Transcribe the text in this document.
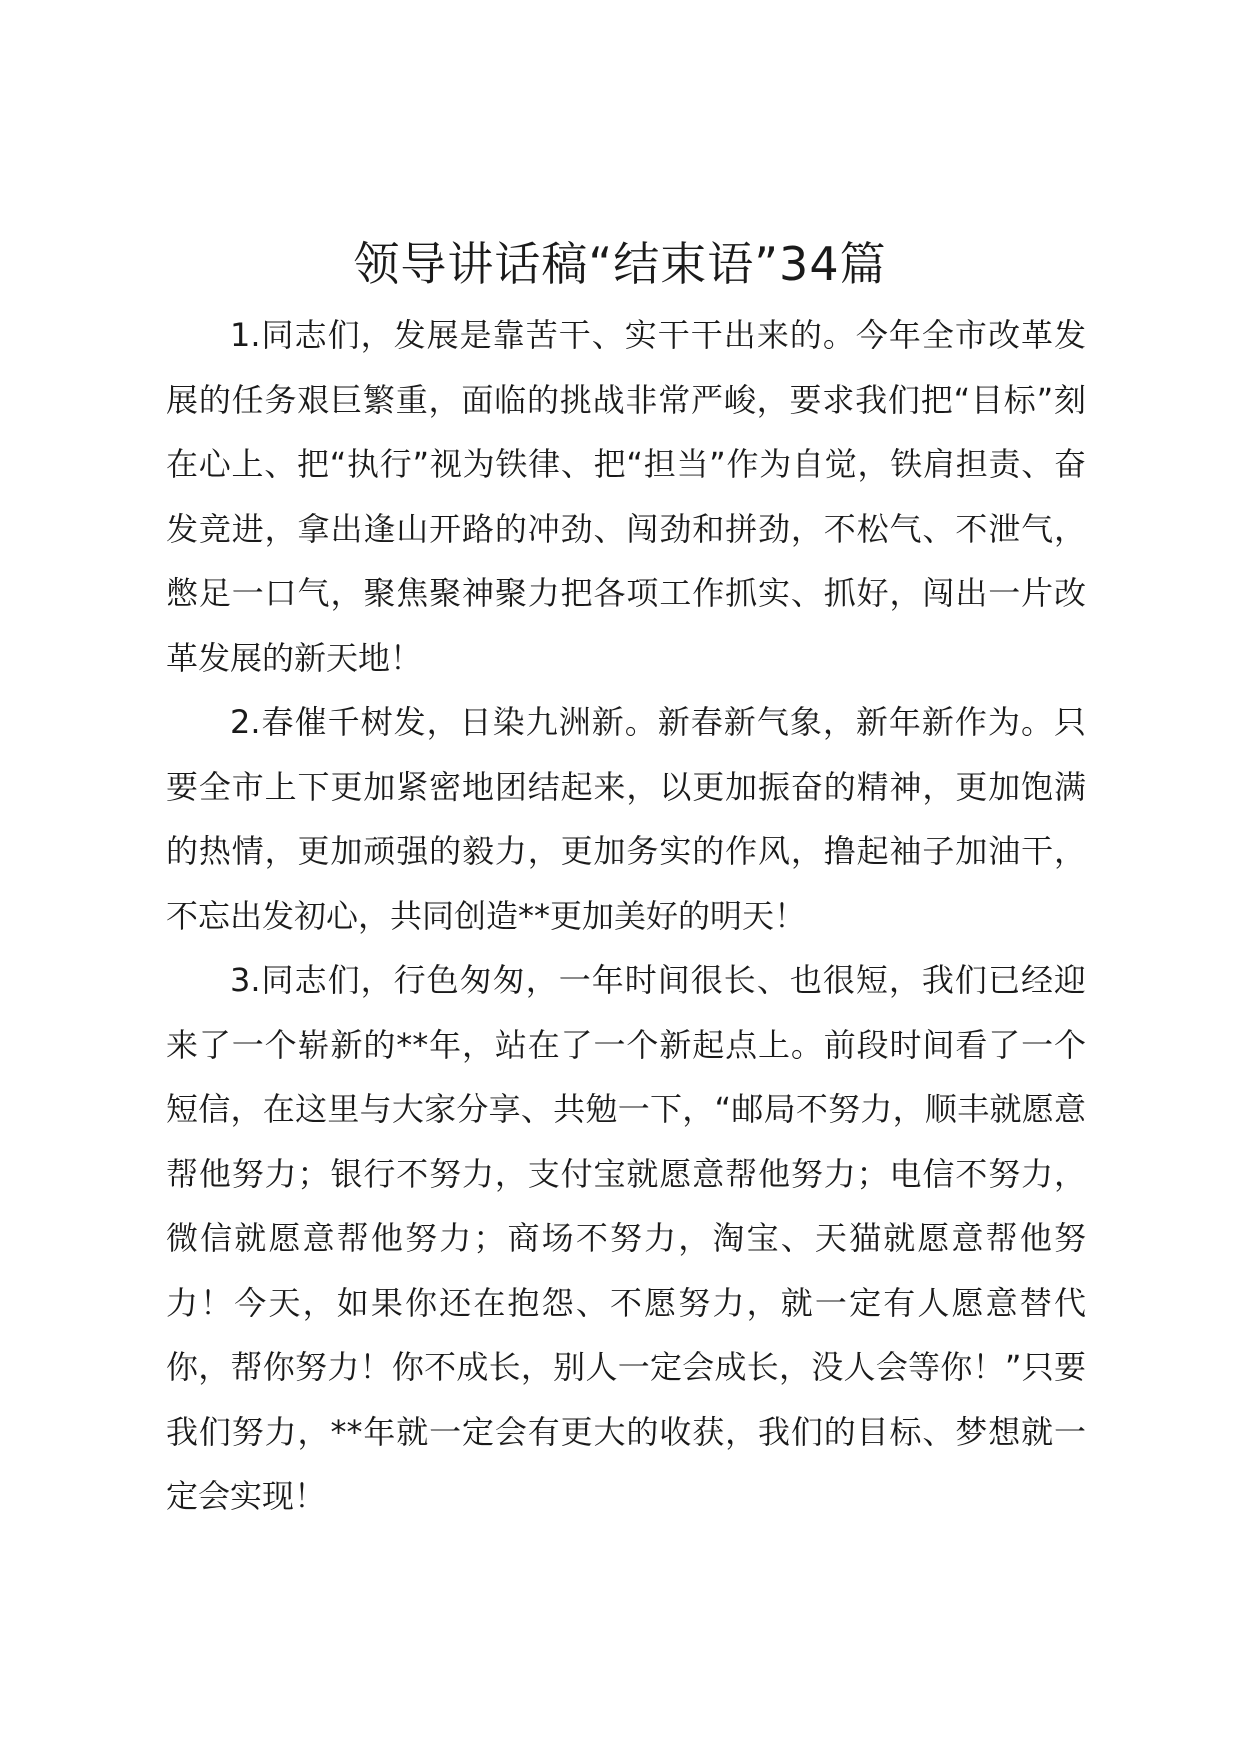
领导讲话稿“结束语”34篇

1.同志们，发展是靠苦干、实干干出来的。今年全市改革发展的任务艰巨繁重，面临的挑战非常严峻，要求我们把“目标”刻在心上、把“执行”视为铁律、把“担当”作为自觉，铁肩担责、奋发竞进，拿出逢山开路的冲劲、闯劲和拼劲，不松气、不泄气，憋足一口气，聚焦聚神聚力把各项工作抓实、抓好，闯出一片改革发展的新天地！

2.春催千树发，日染九洲新。新春新气象，新年新作为。只要全市上下更加紧密地团结起来，以更加振奋的精神，更加饱满的热情，更加顽强的毅力，更加务实的作风，撸起袖子加油干，不忘出发初心，共同创造**更加美好的明天！

3.同志们，行色匆匆，一年时间很长、也很短，我们已经迎来了一个崭新的**年，站在了一个新起点上。前段时间看了一个短信，在这里与大家分享、共勉一下，“邮局不努力，顺丰就愿意帮他努力；银行不努力，支付宝就愿意帮他努力；电信不努力，微信就愿意帮他努力；商场不努力，淘宝、天猫就愿意帮他努力！今天，如果你还在抱怨、不愿努力，就一定有人愿意替代你，帮你努力！你不成长，别人一定会成长，没人会等你！”只要我们努力，**年就一定会有更大的收获，我们的目标、梦想就一定会实现！
